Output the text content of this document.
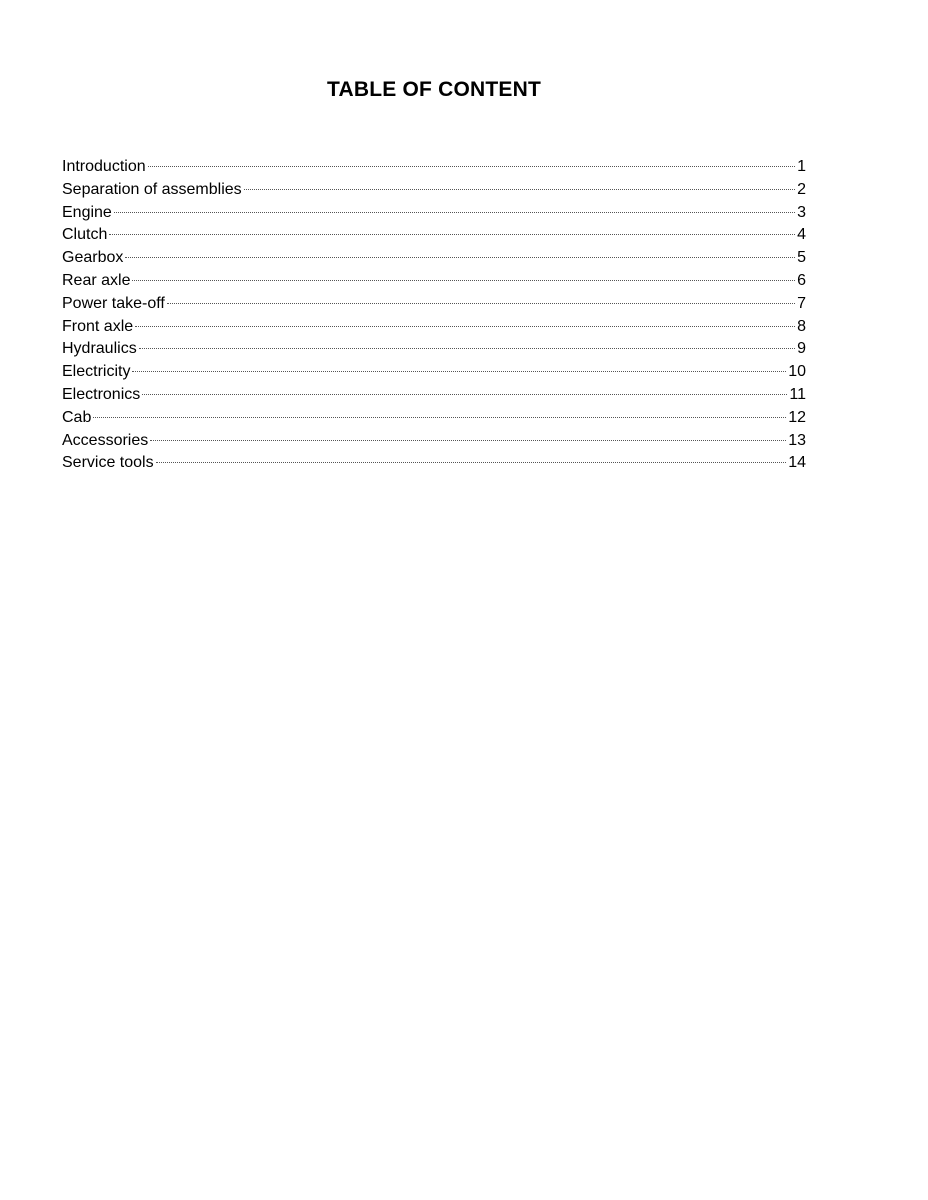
TABLE OF CONTENT
Introduction	1
Separation of assemblies	2
Engine	3
Clutch	4
Gearbox	5
Rear axle	6
Power take-off	7
Front axle	8
Hydraulics	9
Electricity	10
Electronics	11
Cab	12
Accessories	13
Service tools	14
